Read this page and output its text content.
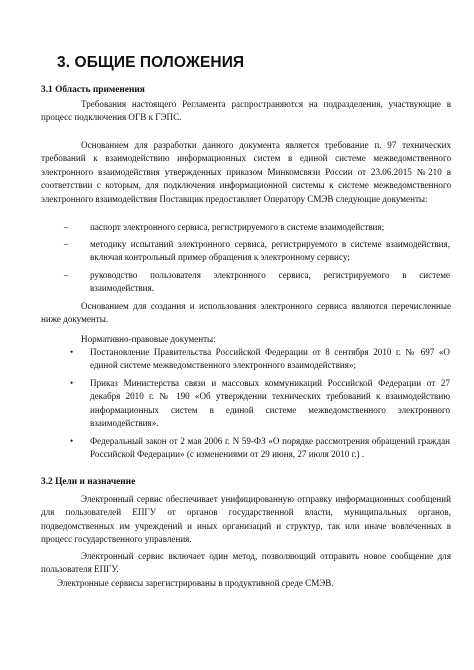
3. ОБЩИЕ ПОЛОЖЕНИЯ
3.1 Область применения

Требования настоящего Регламента распространяются на подразделения, участвующие в процесс подключения ОГВ к ГЭПС.

Основанием для разработки данного документа является требование п. 97 технических требований к взаимодействию информационных систем в единой системе межведомственного электронного взаимодействия утвержденных приказом Минкомсвязи России от 23.06.2015 №210 в соответствии с которым, для подключения информационной системы к системе межведомственного электронного взаимодействия Поставщик предоставляет Оператору СМЭВ следующие документы:

– паспорт электронного сервиса, регистрируемого в системе взаимодействия;

– методику испытаний электронного сервиса, регистрируемого в системе взаимодействия, включая контрольный пример обращения к электронному сервису;

– руководство пользователя электронного сервиса, регистрируемого в системе взаимодействия.

Основанием для создания и использования электронного сервиса являются перечисленные ниже документы.

Нормативно-правовые документы:

• Постановление Правительства Российской Федерации от 8 сентября 2010 г. № 697 «О единой системе межведомственного электронного взаимодействия»;

• Приказ Министерства связи и массовых коммуникаций Российской Федерации от 27 декабря 2010 г. № 190 «Об утверждении технических требований к взаимодействию информационных систем в единой системе межведомственного электронного взаимодействия».

• Федеральный закон от 2 мая 2006 г. N 59-ФЗ «О порядке рассмотрения обращений граждан Российской Федерации» (с изменениями от 29 июня, 27 июля 2010 г.) .

3.2 Цели и назначение

Электронный сервис обеспечивает унифицированную отправку информационных сообщений для пользователей ЕПГУ от органов государственной власти, муниципальных органов, подведомственных им учреждений и иных организаций и структур, так или иначе вовлеченных в процесс государственного управления.

Электронный сервис включает один метод, позволяющий отправить новое сообщение для пользователя ЕПГУ.

Электронные сервисы зарегистрированы в продуктивной среде СМЭВ.
